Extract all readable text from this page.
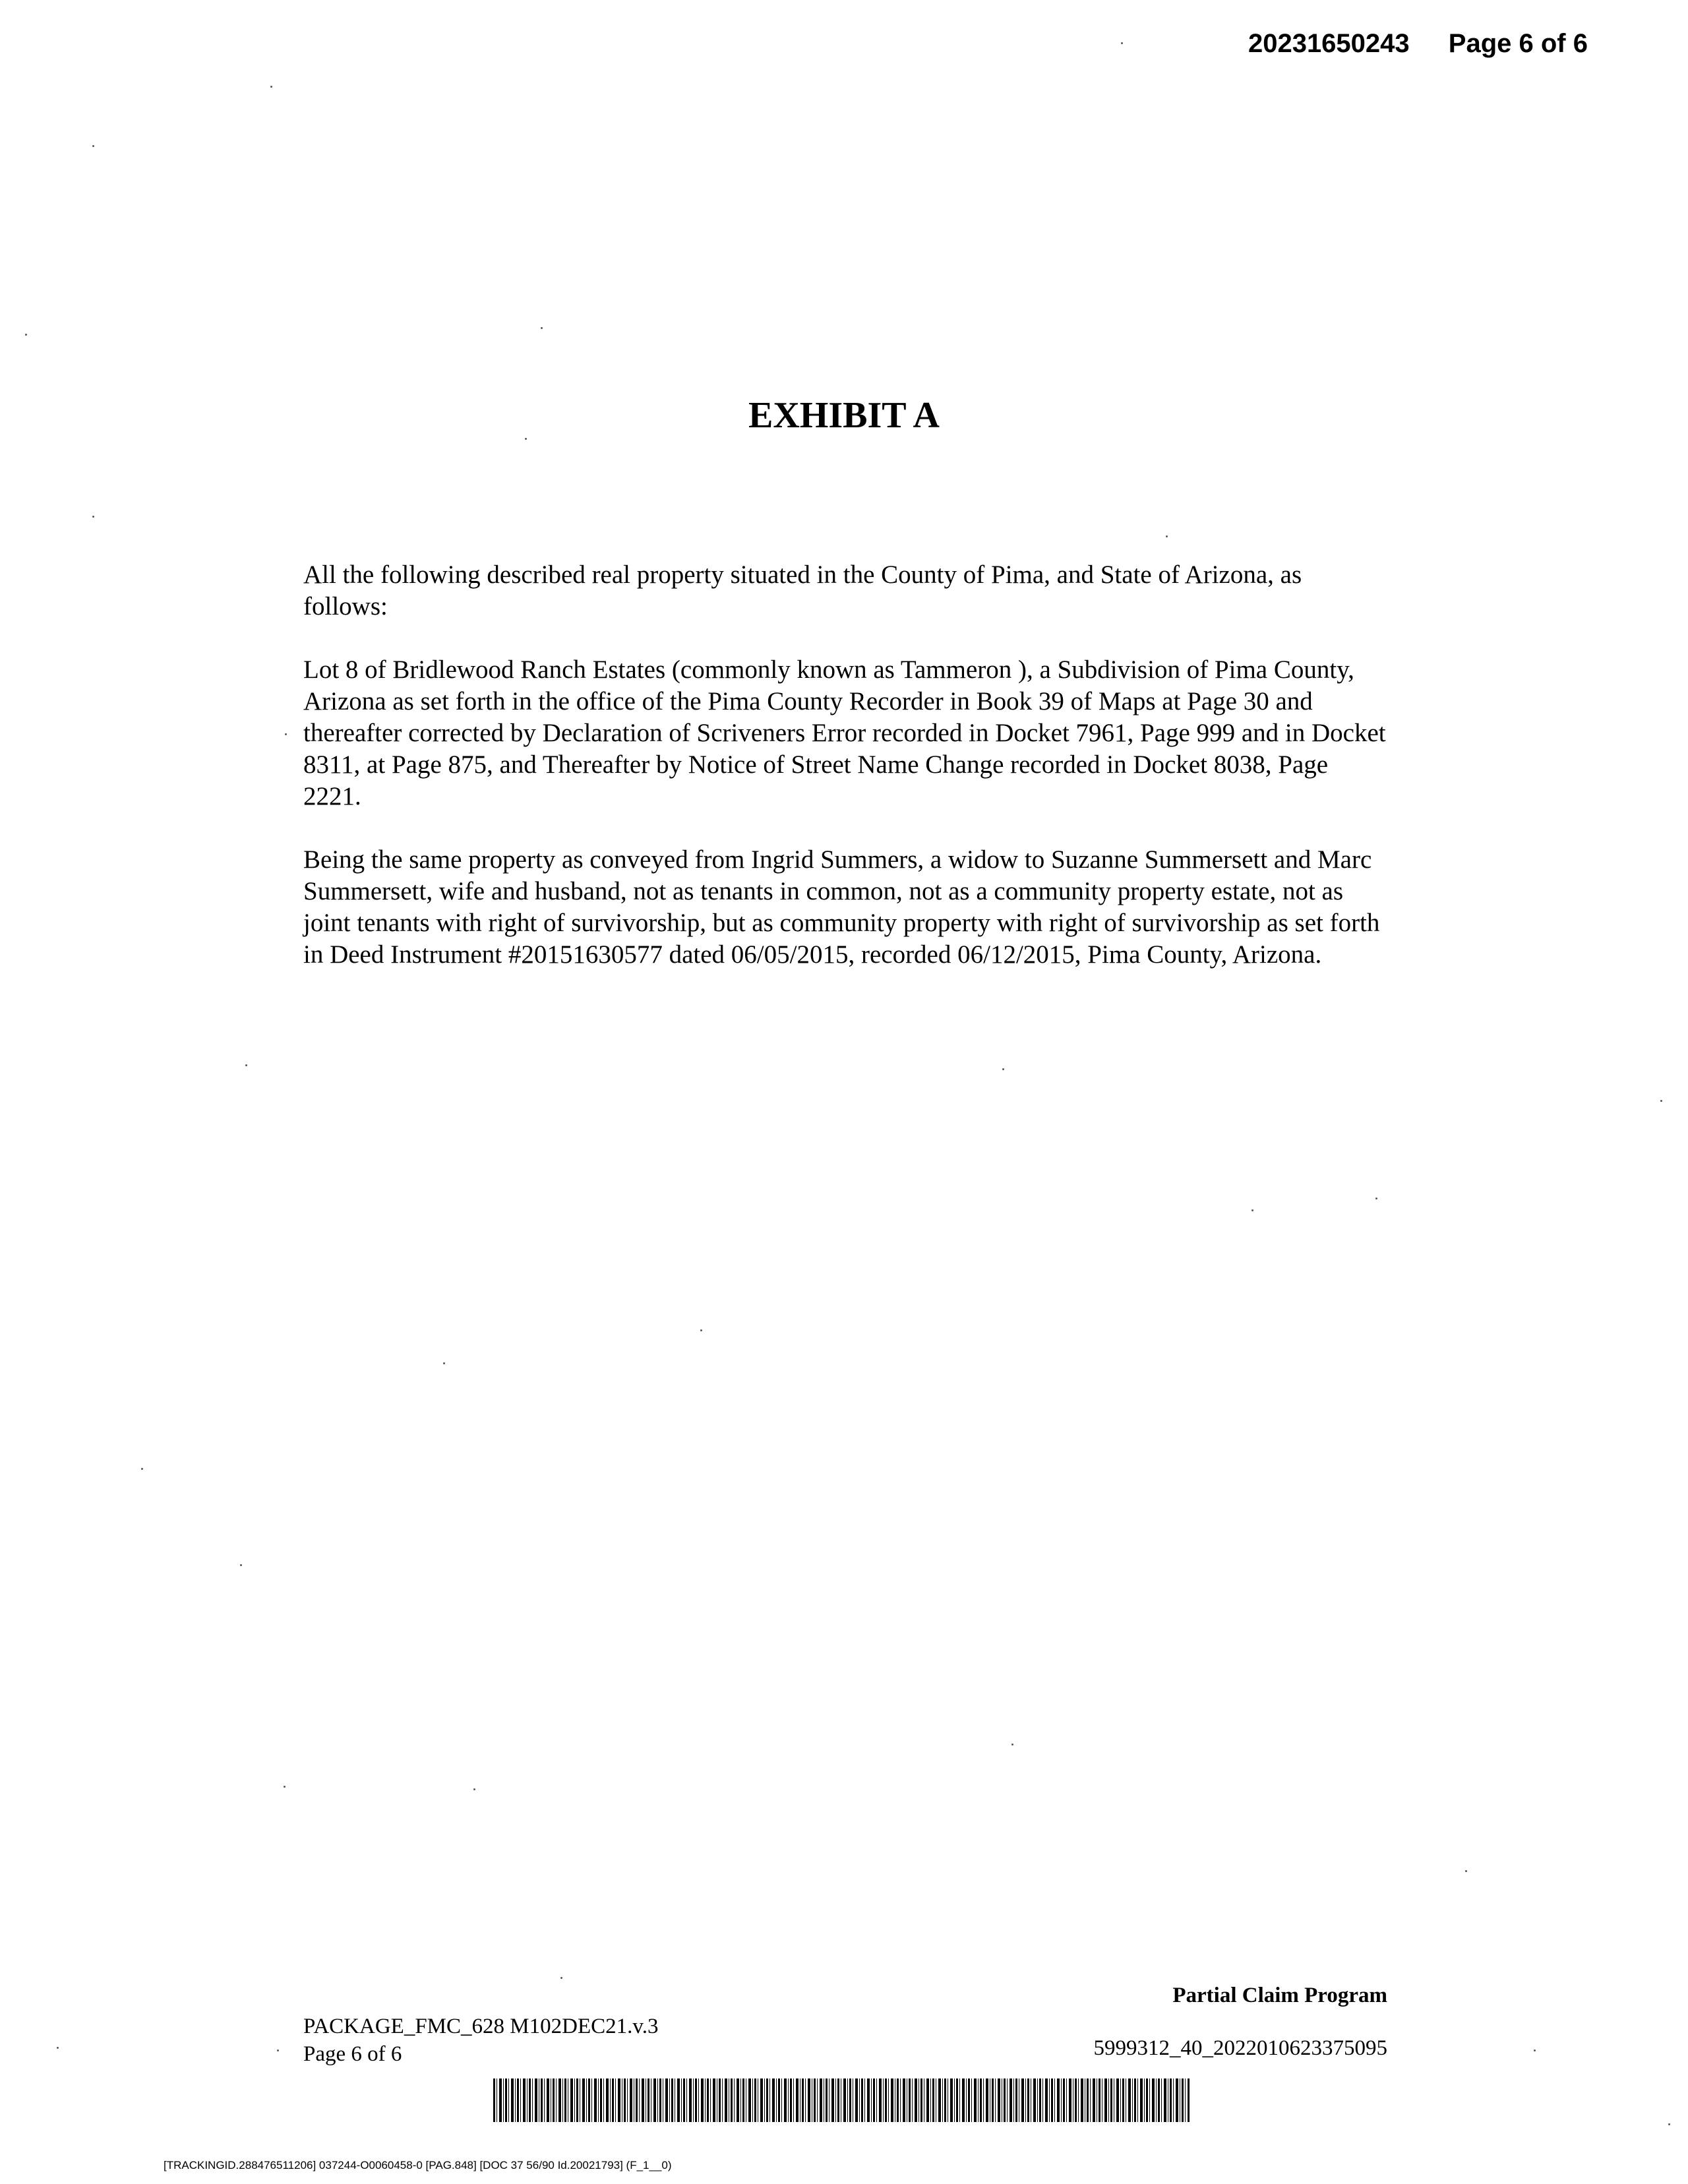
20231650243 Page 6 of 6
EXHIBIT A

All the following described real property situated in the County of Pima, and State of Arizona, as follows:

Lot 8 of Bridlewood Ranch Estates (commonly known as Tammeron ), a Subdivision of Pima County, Arizona as set forth in the office of the Pima County Recorder in Book 39 of Maps at Page 30 and thereafter corrected by Declaration of Scriveners Error recorded in Docket 7961, Page 999 and in Docket 8311, at Page 875, and Thereafter by Notice of Street Name Change recorded in Docket 8038, Page 2221.

Being the same property as conveyed from Ingrid Summers, a widow to Suzanne Summersett and Marc Summersett, wife and husband, not as tenants in common, not as a community property estate, not as joint tenants with right of survivorship, but as community property with right of survivorship as set forth in Deed Instrument #20151630577 dated 06/05/2015, recorded 06/12/2015, Pima County, Arizona.

Partial Claim Program
PACKAGE_FMC_628 M102DEC21.v.3
Page 6 of 6	5999312_40_20220106233750​95
[TRACKINGID.288476511206] 037244-O0060458-0 [PAG.848] [DOC 37 56/90 Id.20021793] (F_1__0)
